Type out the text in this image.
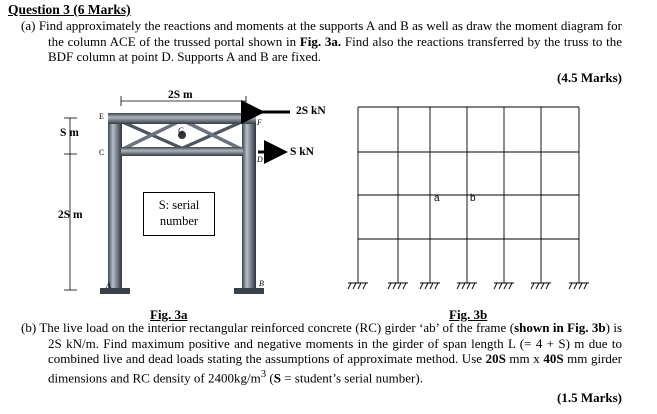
Question 3 (6 Marks)
(a) Find approximately the reactions and moments at the supports A and B as well as draw the moment diagram for the column ACE of the trussed portal shown in Fig. 3a. Find also the reactions transferred by the truss to the BDF column at point D. Supports A and B are fixed.
(4.5 Marks)
2S m
S m
2S m
2S kN
S kN
E
C
G
F
D
A	B
S: serial
number
Fig. 3a
a	b
Fig. 3b
(b) The live load on the interior rectangular reinforced concrete (RC) girder ‘ab’ of the frame (shown in Fig. 3b) is 2S kN/m. Find maximum positive and negative moments in the girder of span length L (= 4 + S) m due to combined live and dead loads stating the assumptions of approximate method. Use 20S mm x 40S mm girder dimensions and RC density of $2400kg/m^3$ (S = student’s serial number).
(1.5 Marks)
